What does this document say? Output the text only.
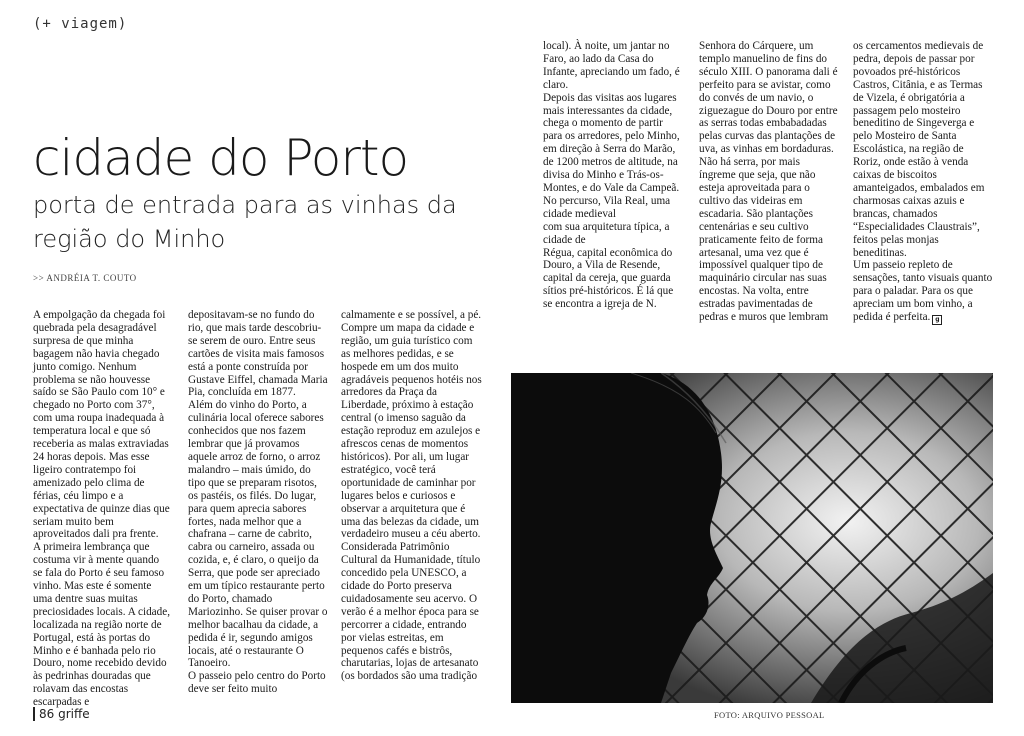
(+ viagem)
cidade do Porto
porta de entrada para as vinhas da região do Minho
>> ANDRÉIA T. COUTO

A empolgação da chegada foi quebrada pela desagradável surpresa de que minha bagagem não havia chegado junto comigo. Nenhum problema se não houvesse saído se São Paulo com 10° e chegado no Porto com 37°, com uma roupa inadequada à temperatura local e que só receberia as malas extraviadas 24 horas depois. Mas esse ligeiro contratempo foi amenizado pelo clima de férias, céu limpo e a expectativa de quinze dias que seriam muito bem aproveitados dali pra frente.

A primeira lembrança que costuma vir à mente quando se fala do Porto é seu famoso vinho. Mas este é somente uma dentre suas muitas preciosidades locais. A cidade, localizada na região norte de Portugal, está às portas do Minho e é banhada pelo rio Douro, nome recebido devido às pedrinhas douradas que rolavam das encostas escarpadas e

depositavam-se no fundo do rio, que mais tarde descobriu-se serem de ouro. Entre seus cartões de visita mais famosos está a ponte construída por Gustave Eiffel, chamada Maria Pia, concluída em 1877.

Além do vinho do Porto, a culinária local oferece sabores conhecidos que nos fazem lembrar que já provamos aquele arroz de forno, o arroz malandro – mais úmido, do tipo que se preparam risotos, os pastéis, os filés. Do lugar, para quem aprecia sabores fortes, nada melhor que a chafrana – carne de cabrito, cabra ou carneiro, assada ou cozida, e, é claro, o queijo da Serra, que pode ser apreciado em um típico restaurante perto do Porto, chamado Mariozinho. Se quiser provar o melhor bacalhau da cidade, a pedida é ir, segundo amigos locais, até o restaurante O Tanoeiro.

O passeio pelo centro do Porto deve ser feito muito

calmamente e se possível, a pé. Compre um mapa da cidade e região, um guia turístico com as melhores pedidas, e se hospede em um dos muito agradáveis pequenos hotéis nos arredores da Praça da Liberdade, próximo à estação central (o imenso saguão da estação reproduz em azulejos e afrescos cenas de momentos históricos). Por ali, um lugar estratégico, você terá oportunidade de caminhar por lugares belos e curiosos e observar a arquitetura que é uma das belezas da cidade, um verdadeiro museu a céu aberto. Considerada Patrimônio Cultural da Humanidade, título concedido pela UNESCO, a cidade do Porto preserva cuidadosamente seu acervo. O verão é a melhor época para se percorrer a cidade, entrando por vielas estreitas, em pequenos cafés e bistrôs, charutarias, lojas de artesanato (os bordados são uma tradição

local). À noite, um jantar no Faro, ao lado da Casa do Infante, apreciando um fado, é claro.

Depois das visitas aos lugares mais interessantes da cidade, chega o momento de partir para os arredores, pelo Minho, em direção à Serra do Marão, de 1200 metros de altitude, na divisa do Minho e Trás-os-Montes, e do Vale da Campeã. No percurso, Vila Real, uma cidade medieval

com sua arquitetura típica, a cidade de

Régua, capital econômica do Douro, a Vila de Resende, capital da cereja, que guarda sítios pré-históricos. É lá que se encontra a igreja de N.

Senhora do Cárquere, um templo manuelino de fins do século XIII. O panorama dali é perfeito para se avistar, como do convés de um navio, o ziguezague do Douro por entre as serras todas embabadadas pelas curvas das plantações de uva, as vinhas em bordaduras. Não há serra, por mais íngreme que seja, que não esteja aproveitada para o cultivo das videiras em escadaria. São plantações centenárias e seu cultivo praticamente feito de forma artesanal, uma vez que é impossível qualquer tipo de maquinário circular nas suas encostas. Na volta, entre estradas pavimentadas de pedras e muros que lembram

os cercamentos medievais de pedra, depois de passar por povoados pré-históricos Castros, Citânia, e as Termas de Vizela, é obrigatória a passagem pelo mosteiro beneditino de Singeverga e pelo Mosteiro de Santa Escolástica, na região de Roriz, onde estão à venda caixas de biscoitos amanteigados, embalados em charmosas caixas azuis e brancas, chamados “Especialidades Claustrais”, feitos pelas monjas beneditinas.

Um passeio repleto de sensações, tanto visuais quanto para o paladar. Para os que apreciam um bom vinho, a pedida é perfeita. g

FOTO: ARQUIVO PESSOAL
86 griffe
